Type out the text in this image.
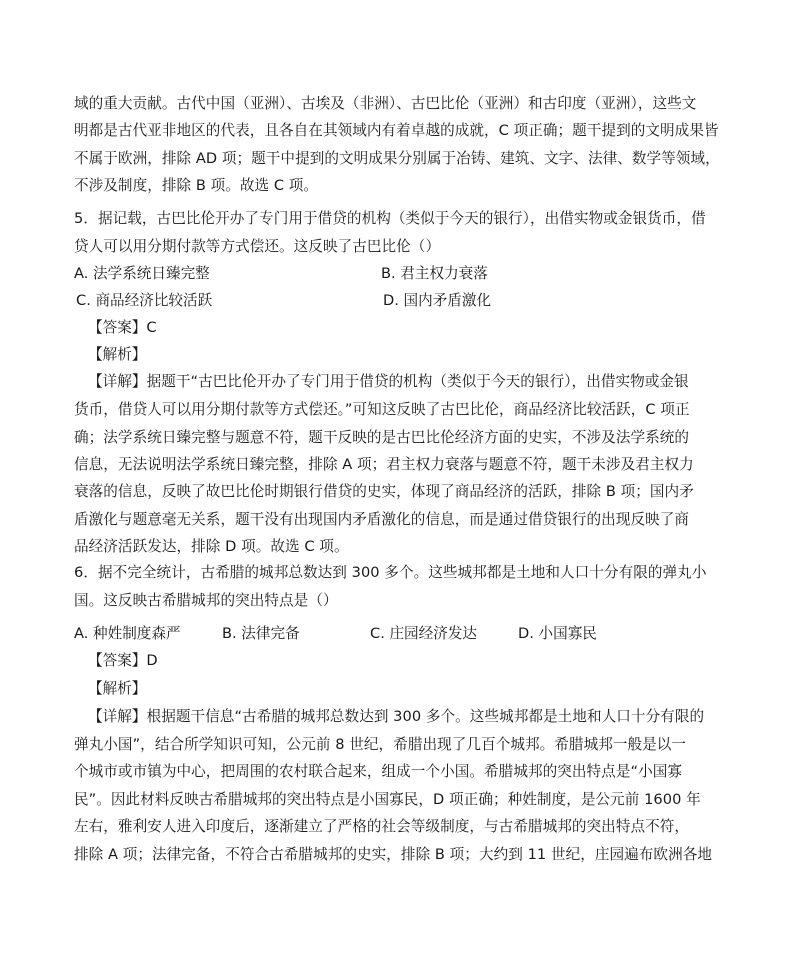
域的重大贡献。古代中国（亚洲）、古埃及（非洲）、古巴比伦（亚洲）和古印度（亚洲），这些文
明都是古代亚非地区的代表，且各自在其领域内有着卓越的成就，C 项正确；题干提到的文明成果皆
不属于欧洲，排除 AD 项；题干中提到的文明成果分别属于冶铸、建筑、文字、法律、数学等领域，
不涉及制度，排除 B 项。故选 C 项。
5．据记载，古巴比伦开办了专门用于借贷的机构（类似于今天的银行），出借实物或金银货币，借
贷人可以用分期付款等方式偿还。这反映了古巴比伦（）
A. 法学系统日臻完整	B. 君主权力衰落
C. 商品经济比较活跃	D. 国内矛盾激化
【答案】C
【解析】
【详解】据题干“古巴比伦开办了专门用于借贷的机构（类似于今天的银行），出借实物或金银
货币，借贷人可以用分期付款等方式偿还。”可知这反映了古巴比伦，商品经济比较活跃，C 项正
确；法学系统日臻完整与题意不符，题干反映的是古巴比伦经济方面的史实，不涉及法学系统的
信息，无法说明法学系统日臻完整，排除 A 项；君主权力衰落与题意不符，题干未涉及君主权力
衰落的信息，反映了故巴比伦时期银行借贷的史实，体现了商品经济的活跃，排除 B 项；国内矛
盾激化与题意毫无关系，题干没有出现国内矛盾激化的信息，而是通过借贷银行的出现反映了商
品经济活跃发达，排除 D 项。故选 C 项。
6．据不完全统计，古希腊的城邦总数达到 300 多个。这些城邦都是土地和人口十分有限的弹丸小
国。这反映古希腊城邦的突出特点是（）
A. 种姓制度森严	B. 法律完备	C. 庄园经济发达	D. 小国寡民
【答案】D
【解析】
【详解】根据题干信息“古希腊的城邦总数达到 300 多个。这些城邦都是土地和人口十分有限的
弹丸小国”，结合所学知识可知，公元前 8 世纪，希腊出现了几百个城邦。希腊城邦一般是以一
个城市或市镇为中心，把周围的农村联合起来，组成一个小国。希腊城邦的突出特点是“小国寡
民”。因此材料反映古希腊城邦的突出特点是小国寡民，D 项正确；种姓制度，是公元前 1600 年
左右，雅利安人进入印度后，逐渐建立了严格的社会等级制度，与古希腊城邦的突出特点不符，
排除 A 项；法律完备，不符合古希腊城邦的史实，排除 B 项；大约到 11 世纪，庄园遍布欧洲各地
